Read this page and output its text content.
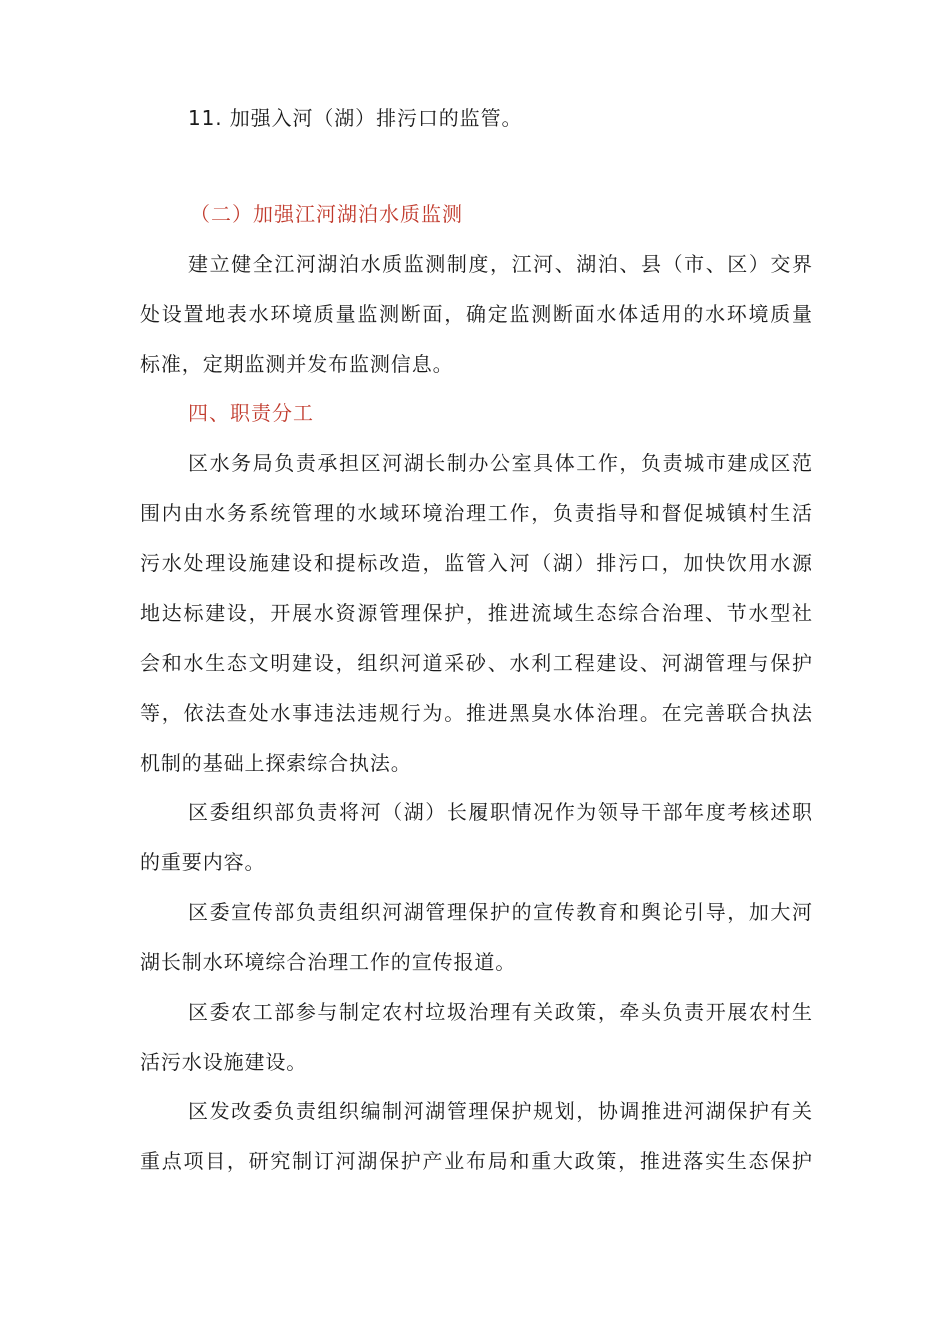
11. 加强入河（湖）排污口的监管。
（二）加强江河湖泊水质监测
建立健全江河湖泊水质监测制度，江河、湖泊、县（市、区）交界
处设置地表水环境质量监测断面，确定监测断面水体适用的水环境质量
标准，定期监测并发布监测信息。
四、职责分工
区水务局负责承担区河湖长制办公室具体工作，负责城市建成区范
围内由水务系统管理的水域环境治理工作，负责指导和督促城镇村生活
污水处理设施建设和提标改造，监管入河（湖）排污口，加快饮用水源
地达标建设，开展水资源管理保护，推进流域生态综合治理、节水型社
会和水生态文明建设，组织河道采砂、水利工程建设、河湖管理与保护
等，依法查处水事违法违规行为。推进黑臭水体治理。在完善联合执法
机制的基础上探索综合执法。
区委组织部负责将河（湖）长履职情况作为领导干部年度考核述职
的重要内容。
区委宣传部负责组织河湖管理保护的宣传教育和舆论引导，加大河
湖长制水环境综合治理工作的宣传报道。
区委农工部参与制定农村垃圾治理有关政策，牵头负责开展农村生
活污水设施建设。
区发改委负责组织编制河湖管理保护规划，协调推进河湖保护有关
重点项目，研究制订河湖保护产业布局和重大政策，推进落实生态保护
